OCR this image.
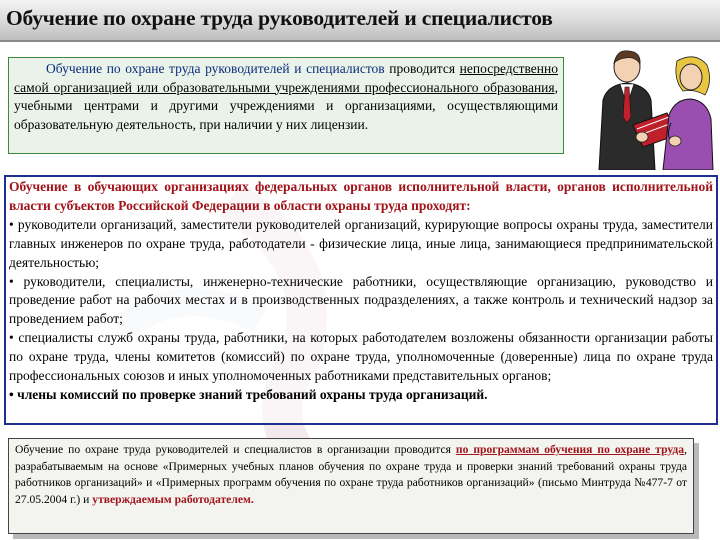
Обучение по охране труда руководителей и специалистов
Обучение по охране труда руководителей и специалистов проводится непосредственно самой организацией или образовательными учреждениями профессионального образования, учебными центрами и другими учреждениями и организациями, осуществляющими образовательную деятельность, при наличии у них лицензии.

Обучение в обучающих организациях федеральных органов исполнительной власти, органов исполнительной власти субъектов Российской Федерации в области охраны труда проходят:

• руководители организаций, заместители руководителей организаций, курирующие вопросы охраны труда, заместители главных инженеров по охране труда, работодатели - физические лица, иные лица, занимающиеся предпринимательской деятельностью;

• руководители, специалисты, инженерно-технические работники, осуществляющие организацию, руководство и проведение работ на рабочих местах и в производственных подразделениях, а также контроль и технический надзор за проведением работ;

• специалисты служб охраны труда, работники, на которых работодателем возложены обязанности организации работы по охране труда, члены комитетов (комиссий) по охране труда, уполномоченные (доверенные) лица по охране труда профессиональных союзов и иных уполномоченных работниками представительных органов;

• члены комиссий по проверке знаний требований охраны труда организаций.

Обучение по охране труда руководителей и специалистов в организации проводится по программам обучения по охране труда, разрабатываемым на основе «Примерных учебных планов обучения по охране труда и проверки знаний требований охраны труда работников организаций» и «Примерных программ обучения по охране труда работников организаций» (письмо Минтруда №477-7 от 27.05.2004 г.) и утверждаемым работодателем.
